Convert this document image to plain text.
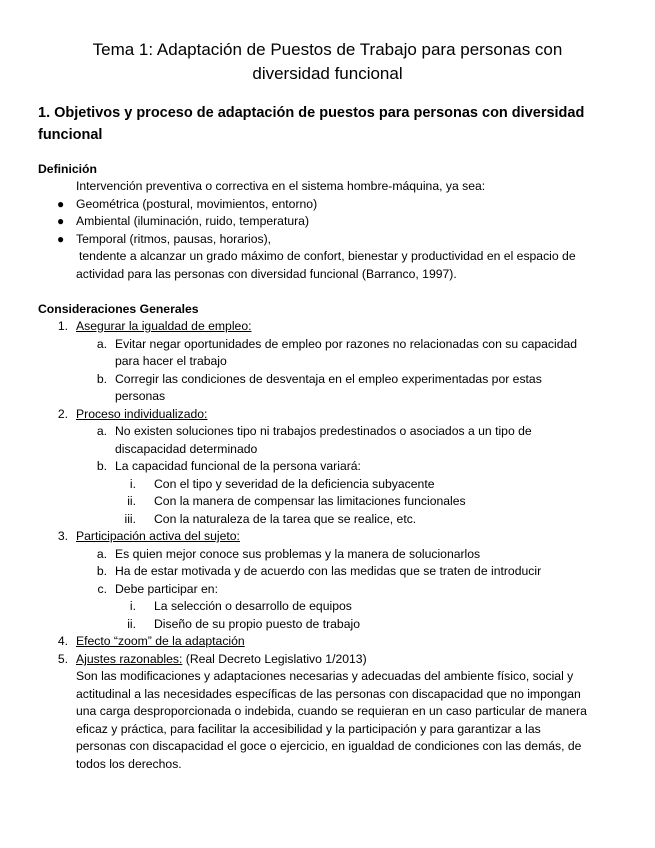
Tema 1: Adaptación de Puestos de Trabajo para personas con
diversidad funcional
1. Objetivos y proceso de adaptación de puestos para personas con diversidad
funcional
Definición
Intervención preventiva o correctiva en el sistema hombre-máquina, ya sea:
● Geométrica (postural, movimientos, entorno)
● Ambiental (iluminación, ruido, temperatura)
● Temporal (ritmos, pausas, horarios),
tendente a alcanzar un grado máximo de confort, bienestar y productividad en el espacio de
actividad para las personas con diversidad funcional (Barranco, 1997).
Consideraciones Generales
1. Asegurar la igualdad de empleo:
a. Evitar negar oportunidades de empleo por razones no relacionadas con su capacidad
para hacer el trabajo
b. Corregir las condiciones de desventaja en el empleo experimentadas por estas
personas
2. Proceso individualizado:
a. No existen soluciones tipo ni trabajos predestinados o asociados a un tipo de
discapacidad determinado
b. La capacidad funcional de la persona variará:
i. Con el tipo y severidad de la deficiencia subyacente
ii. Con la manera de compensar las limitaciones funcionales
iii. Con la naturaleza de la tarea que se realice, etc.
3. Participación activa del sujeto:
a. Es quien mejor conoce sus problemas y la manera de solucionarlos
b. Ha de estar motivada y de acuerdo con las medidas que se traten de introducir
c. Debe participar en:
i. La selección o desarrollo de equipos
ii. Diseño de su propio puesto de trabajo
4. Efecto “zoom” de la adaptación
5. Ajustes razonables: (Real Decreto Legislativo 1/2013)
Son las modificaciones y adaptaciones necesarias y adecuadas del ambiente físico, social y
actitudinal a las necesidades específicas de las personas con discapacidad que no impongan
una carga desproporcionada o indebida, cuando se requieran en un caso particular de manera
eficaz y práctica, para facilitar la accesibilidad y la participación y para garantizar a las
personas con discapacidad el goce o ejercicio, en igualdad de condiciones con las demás, de
todos los derechos.
